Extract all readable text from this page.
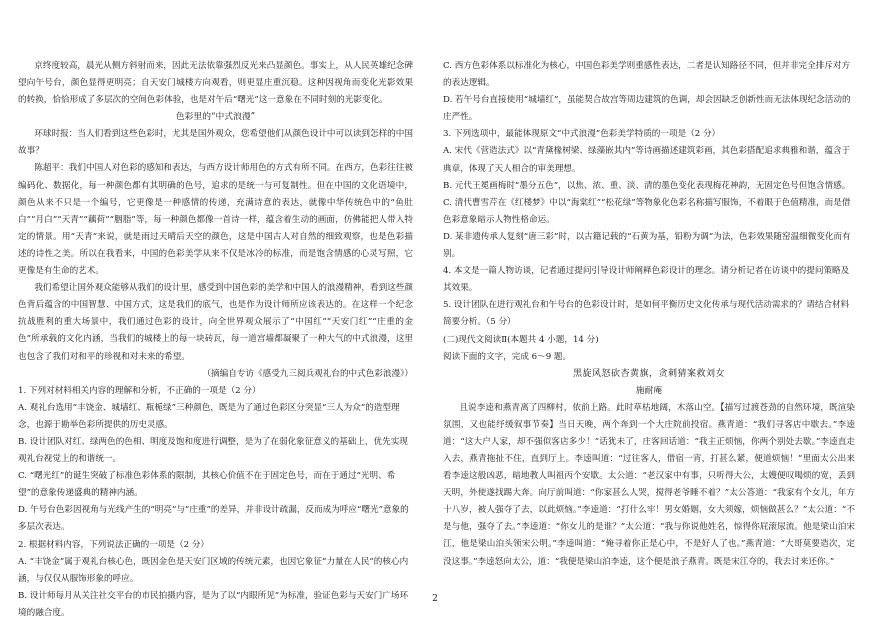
京终度较高，晨光从侧方斜射而来，因此无法依靠强烈反光来凸显颜色。事实上，从人民英雄纪念碑望向午号台，颜色显得更明亮；自天安门城楼方向观看，则更显庄重沉稳。这种因视角而变化光影效果的转换，恰恰形成了多层次的空间色彩体验，也是对午后“曙光”这一意象在不同时刻的光影变化。

色彩里的“中式浪漫”

环球时报：当人们看到这些色彩时，尤其是国外观众，您希望他们从颜色设计中可以读到怎样的中国故事？

陈超平：我们中国人对色彩的感知和表达，与西方设计师用色的方式有所不同。在西方，色彩往往被编码化、数据化，每一种颜色都有其明确的色号，追求的是统一与可复制性。但在中国的文化语境中，颜色从来不只是一个编号，它更像是一种感情的传递，充满诗意的表达，就像中华传统色中的“鱼肚白”“月白”“天青”“藕荷”“胭脂”等，每一种颜色都像一首诗一样，蕴含着生动的画面，仿佛能把人带入特定的情景。用“天青”来说，就是雨过天晴后天空的颜色，这是中国古人对自然的细致观察，也是色彩描述的诗性之美。所以在我看来，中国的色彩美学从来不仅是冰冷的标准，而是饱含情感的心灵写照，它更像是有生命的艺术。

我们希望让国外观众能够从我们的设计里，感受到中国色彩的美学和中国人的浪漫精神，看到这些颜色背后蕴含的中国智慧、中国方式，这是我们的底气，也是作为设计师所应该表达的。在这样一个纪念抗战胜利的重大场景中，我们通过色彩的设计，向全世界观众展示了“中国红”“天安门红”“庄重的金色”所承载的文化内涵，当我们的城楼上的每一块砖瓦，每一道宫墙都凝聚了一种大气的中式浪漫，这里也包含了我们对和平的珍视和对未来的希望。

（摘编自专访《感受九三阅兵观礼台的中式色彩浪漫》）

1. 下列对材料相关内容的理解和分析，不正确的一项是（2 分）

A. 观礼台选用“丰饶金、城墙红、瓶栀绿”三种颜色，既是为了通过色彩区分突显“三人为众”的造型理念，也源于勘举色彩所提供的历史灵感。

B. 设计团队对红、绿两色的色相、明度及饱和度进行调整，是为了在弱化象征意义的基础上，优先实现观礼台视觉上的和谐统一。

C. “曙光红”的诞生突破了标准色彩体系的限制，其核心价值不在于固定色号，而在于通过“光明、希望”的意象传递盛典的精神内涵。

D. 午号台色彩因视角与光线产生的“明亮”与“庄重”的差异，并非设计疏漏，反而成为呼应“曙光”意象的多层次表达。

2. 根据材料内容，下列说法正确的一项是（2 分）

A. “丰饶金”属于观礼台核心色，既因金色是天安门区域的传统元素，也因它象征“力量在人民”的核心内涵，与仅仅从服饰形象的呼应。

B. 设计师每月从关注社交平台的市民拍摄内容，是为了以“内眼所见”为标准，验证色彩与天安门广场环境的融合度。

C. 西方色彩体系以标准化为核心，中国色彩美学则重感性表达，二者是认知路径不同，但并非完全排斥对方的表达逻辑。

D. 若午号台直接使用“城墙红”，虽能契合故宫等周边建筑的色调，却会因缺乏创新性而无法体现纪念活动的庄严性。

3. 下列选项中，最能体现原文“中式浪漫”色彩美学特质的一项是（2 分）

A. 宋代《营造法式》以“青黛椽树梁、绿藻嵌其内”等诗画描述建筑彩画，其色彩搭配追求典雅和谐，蕴含于典章，体现了天人相合的审美理想。

B. 元代王冕画梅时“墨分五色”，以焦、浓、重、淡、清的墨色变化表现梅花神韵，无固定色号但饱含情感。

C. 清代曹雪芹在《红楼梦》中以“海棠红”“松花绿”等物象化色彩名称描写服饰，不着眼于色值精准，而是借色彩意象暗示人物性格命运。

D. 某非遗传承人复刻“唐三彩”时，以古籍记载的“石黄为基，铅粉为调”为法，色彩效果随窑温细微变化而有别。

4. 本文是一篇人物访谈，记者通过提问引导设计师阐释色彩设计的理念。请分析记者在访谈中的提问策略及其效果。

5. 设计团队在进行观礼台和午号台的色彩设计时，是如何平衡历史文化传承与现代活动需求的？请结合材料简要分析。（5 分）

(二)现代文阅读Ⅱ(本题共 4 小题，14 分)

阅读下面的文字，完成 6～9 题。

黑旋风怒砍杏黄旗，贪刺猜案救刘女

施耐庵

且说李逵和燕青离了四柳村，依前上路。此时草枯地阔，木落山空。【描写过渡苍劲的自然环境，既渲染氛围，又也能纾缓叙事节奏】当日天晚，两个奔到一个大庄院前投宿。燕青道：“我们寻客店中歇去。”李逵道：“这大户人家，却不强似客店多少！”话犹未了，庄客回话道：“我主正烦恼，你两个别处去歇。”李逵直走入去，燕青拖扯不住，直到厅上。李逵叫道：“过往客人，借宿一宵，打甚么紧，便道烦恼！”里面太公出来看李逵这般凶恶，暗地教人叫祖丙个安歇。太公道：“老汉家中有事，只听得大公，太嫂便叹喝烦的宽，丢到天明，外使遂找踢大奔。向厅前叫道：“你家甚么人哭，搅得老爷睡不着？”太公答道：“我家有个女儿，年方十八岁，被人强夺了去，以此烦恼。”李逵道：“打什么牢！男女婚姻，女大须嫁，烦恼做甚么？”太公道：“不是与他，强夺了去。”李逵道：“你女儿的是谁？”太公道：“我与你说他姓名，惊得你屁滚尿流。他是梁山泊宋江，他是梁山泊头领宋公明。”李逵叫道：“俺寻着你正是心中，不是好人了也。”燕青道：“大哥莫要造次，定没这事。”李逵怒向太公，道：“我便是梁山泊李逵，这个便是浪子燕青。既是宋江夺的，我去讨来还你。”

2
